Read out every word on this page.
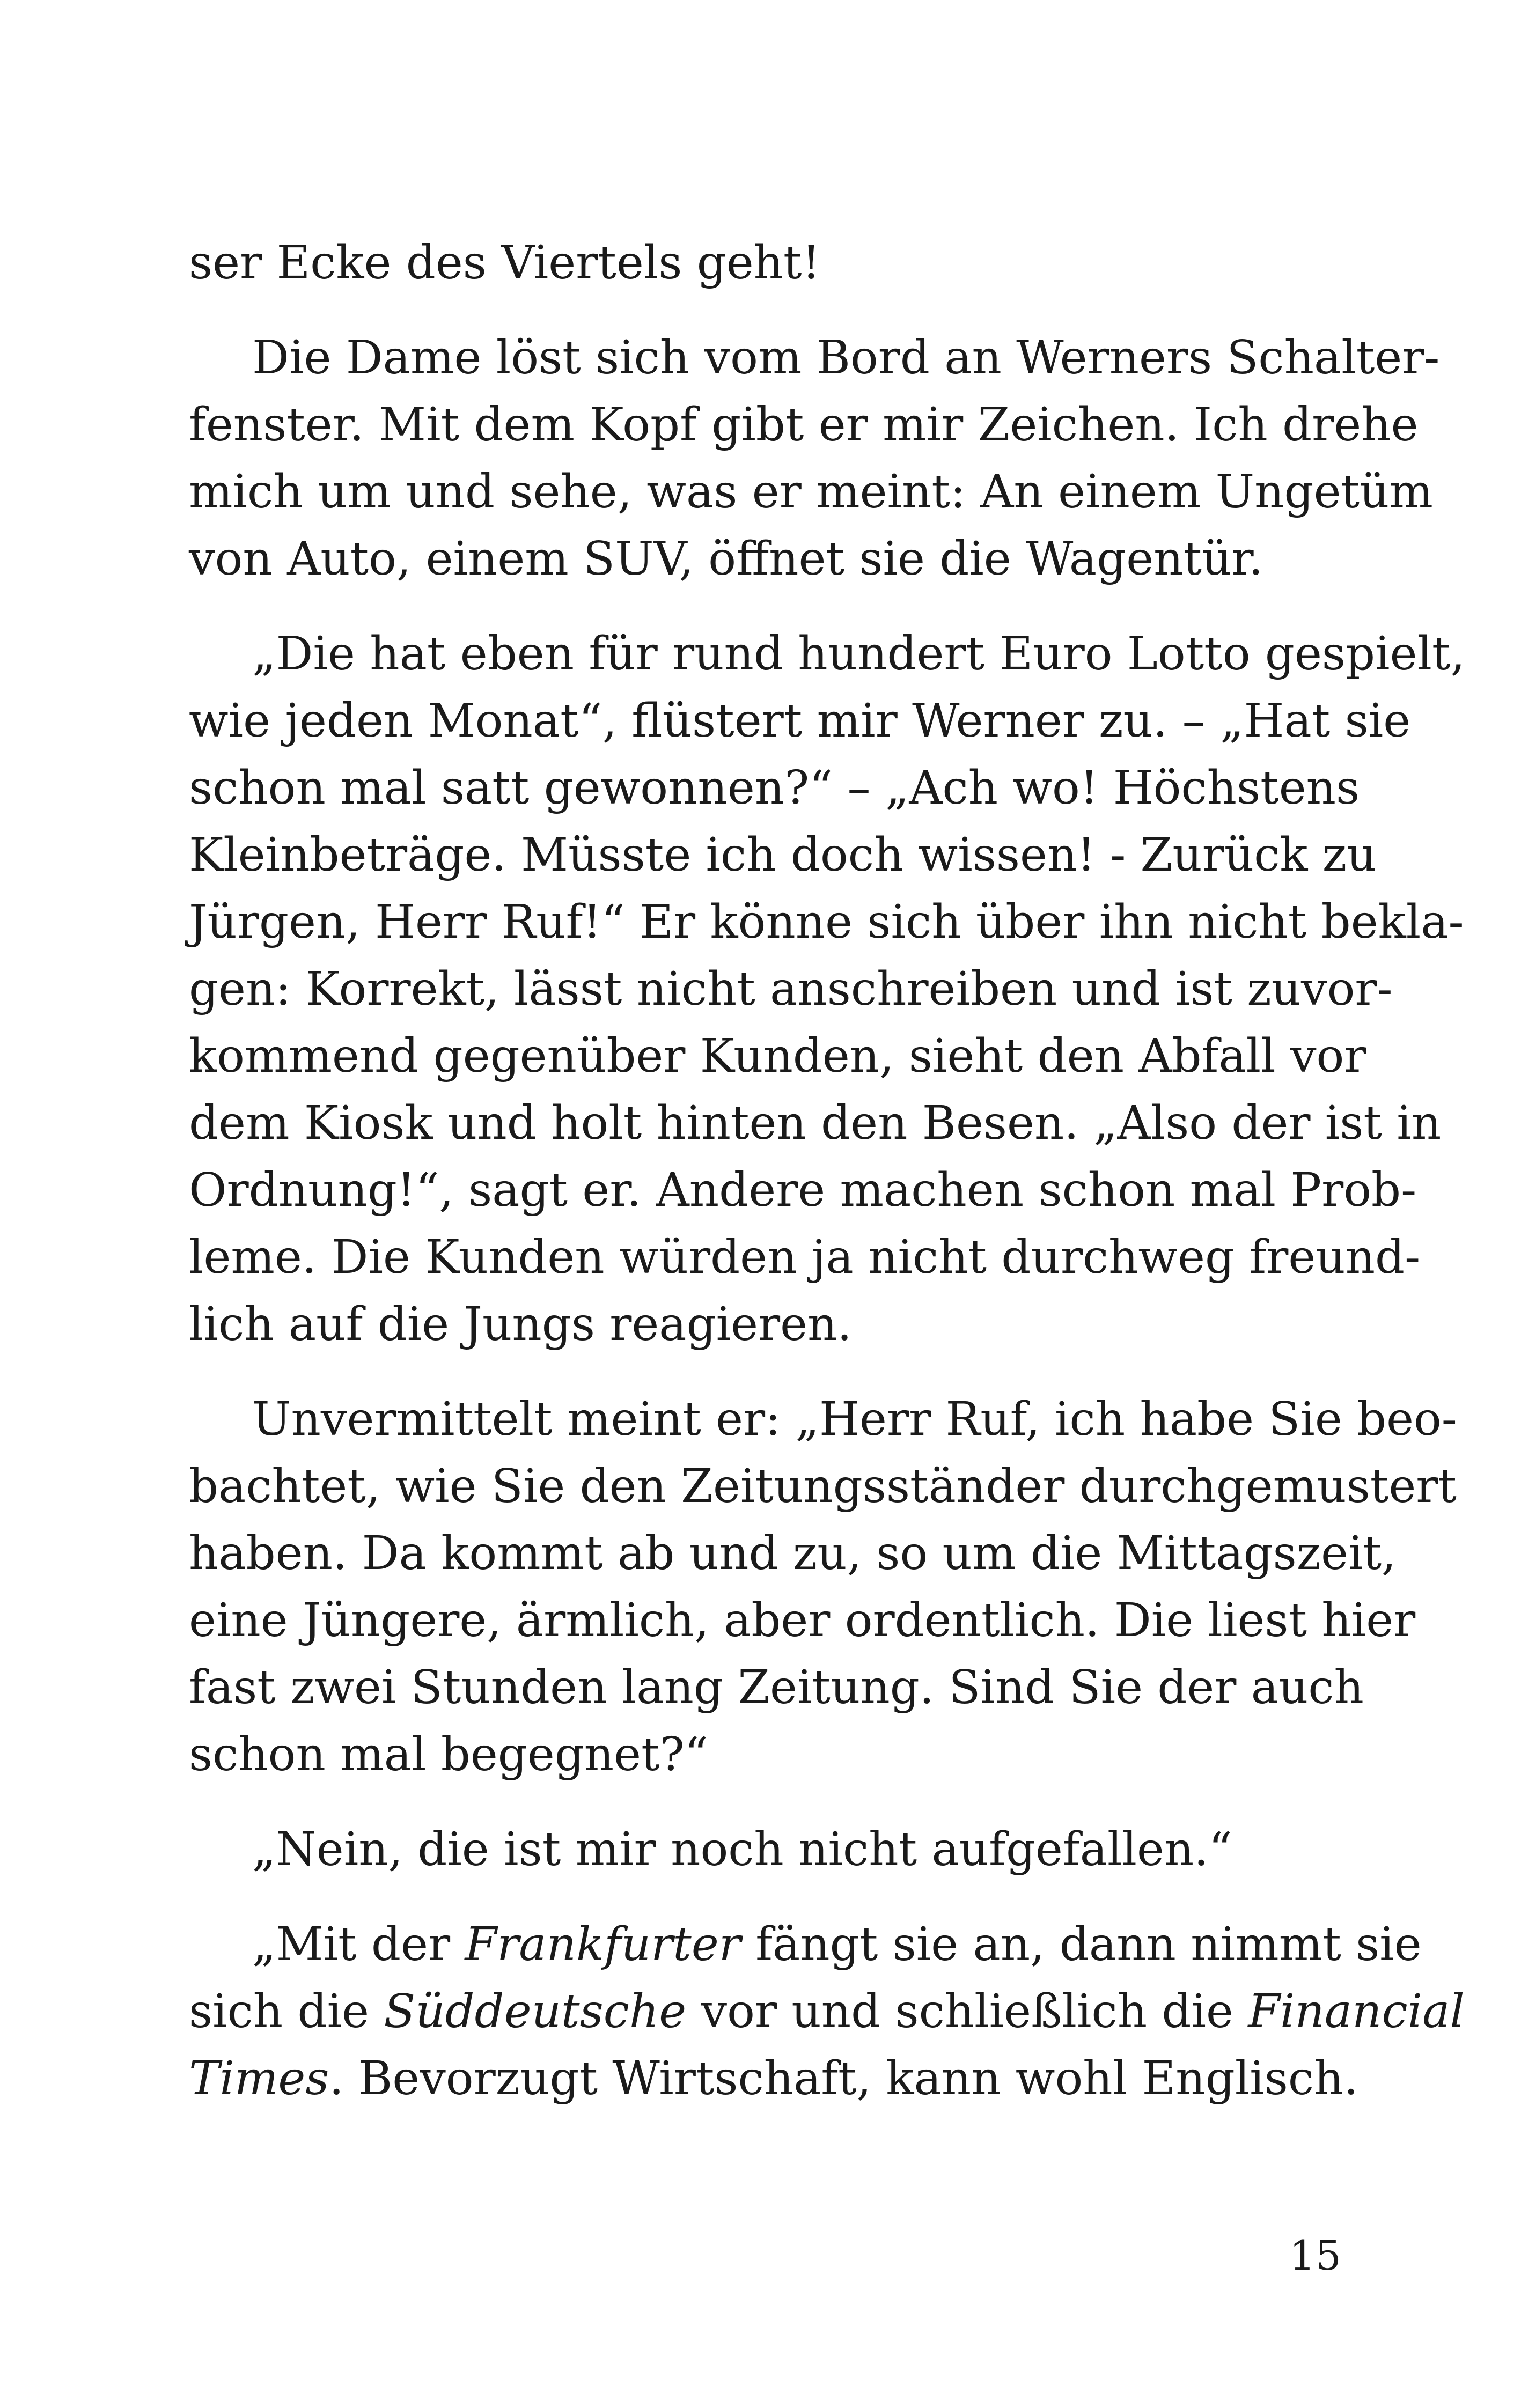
ser Ecke des Viertels geht!
Die Dame löst sich vom Bord an Werners Schalter-
fenster. Mit dem Kopf gibt er mir Zeichen. Ich drehe
mich um und sehe, was er meint: An einem Ungetüm
von Auto, einem SUV, öffnet sie die Wagentür.
„Die hat eben für rund hundert Euro Lotto gespielt,
wie jeden Monat“, flüstert mir Werner zu. – „Hat sie
schon mal satt gewonnen?“ – „Ach wo! Höchstens
Kleinbeträge. Müsste ich doch wissen! - Zurück zu
Jürgen, Herr Ruf!“ Er könne sich über ihn nicht bekla-
gen: Korrekt, lässt nicht anschreiben und ist zuvor-
kommend gegenüber Kunden, sieht den Abfall vor
dem Kiosk und holt hinten den Besen. „Also der ist in
Ordnung!“, sagt er. Andere machen schon mal Prob-
leme. Die Kunden würden ja nicht durchweg freund-
lich auf die Jungs reagieren.
Unvermittelt meint er: „Herr Ruf, ich habe Sie beo-
bachtet, wie Sie den Zeitungsständer durchgemustert
haben. Da kommt ab und zu, so um die Mittagszeit,
eine Jüngere, ärmlich, aber ordentlich. Die liest hier
fast zwei Stunden lang Zeitung. Sind Sie der auch
schon mal begegnet?“
„Nein, die ist mir noch nicht aufgefallen.“
„Mit der Frankfurter fängt sie an, dann nimmt sie
sich die Süddeutsche vor und schließlich die Financial
Times. Bevorzugt Wirtschaft, kann wohl Englisch.
15
